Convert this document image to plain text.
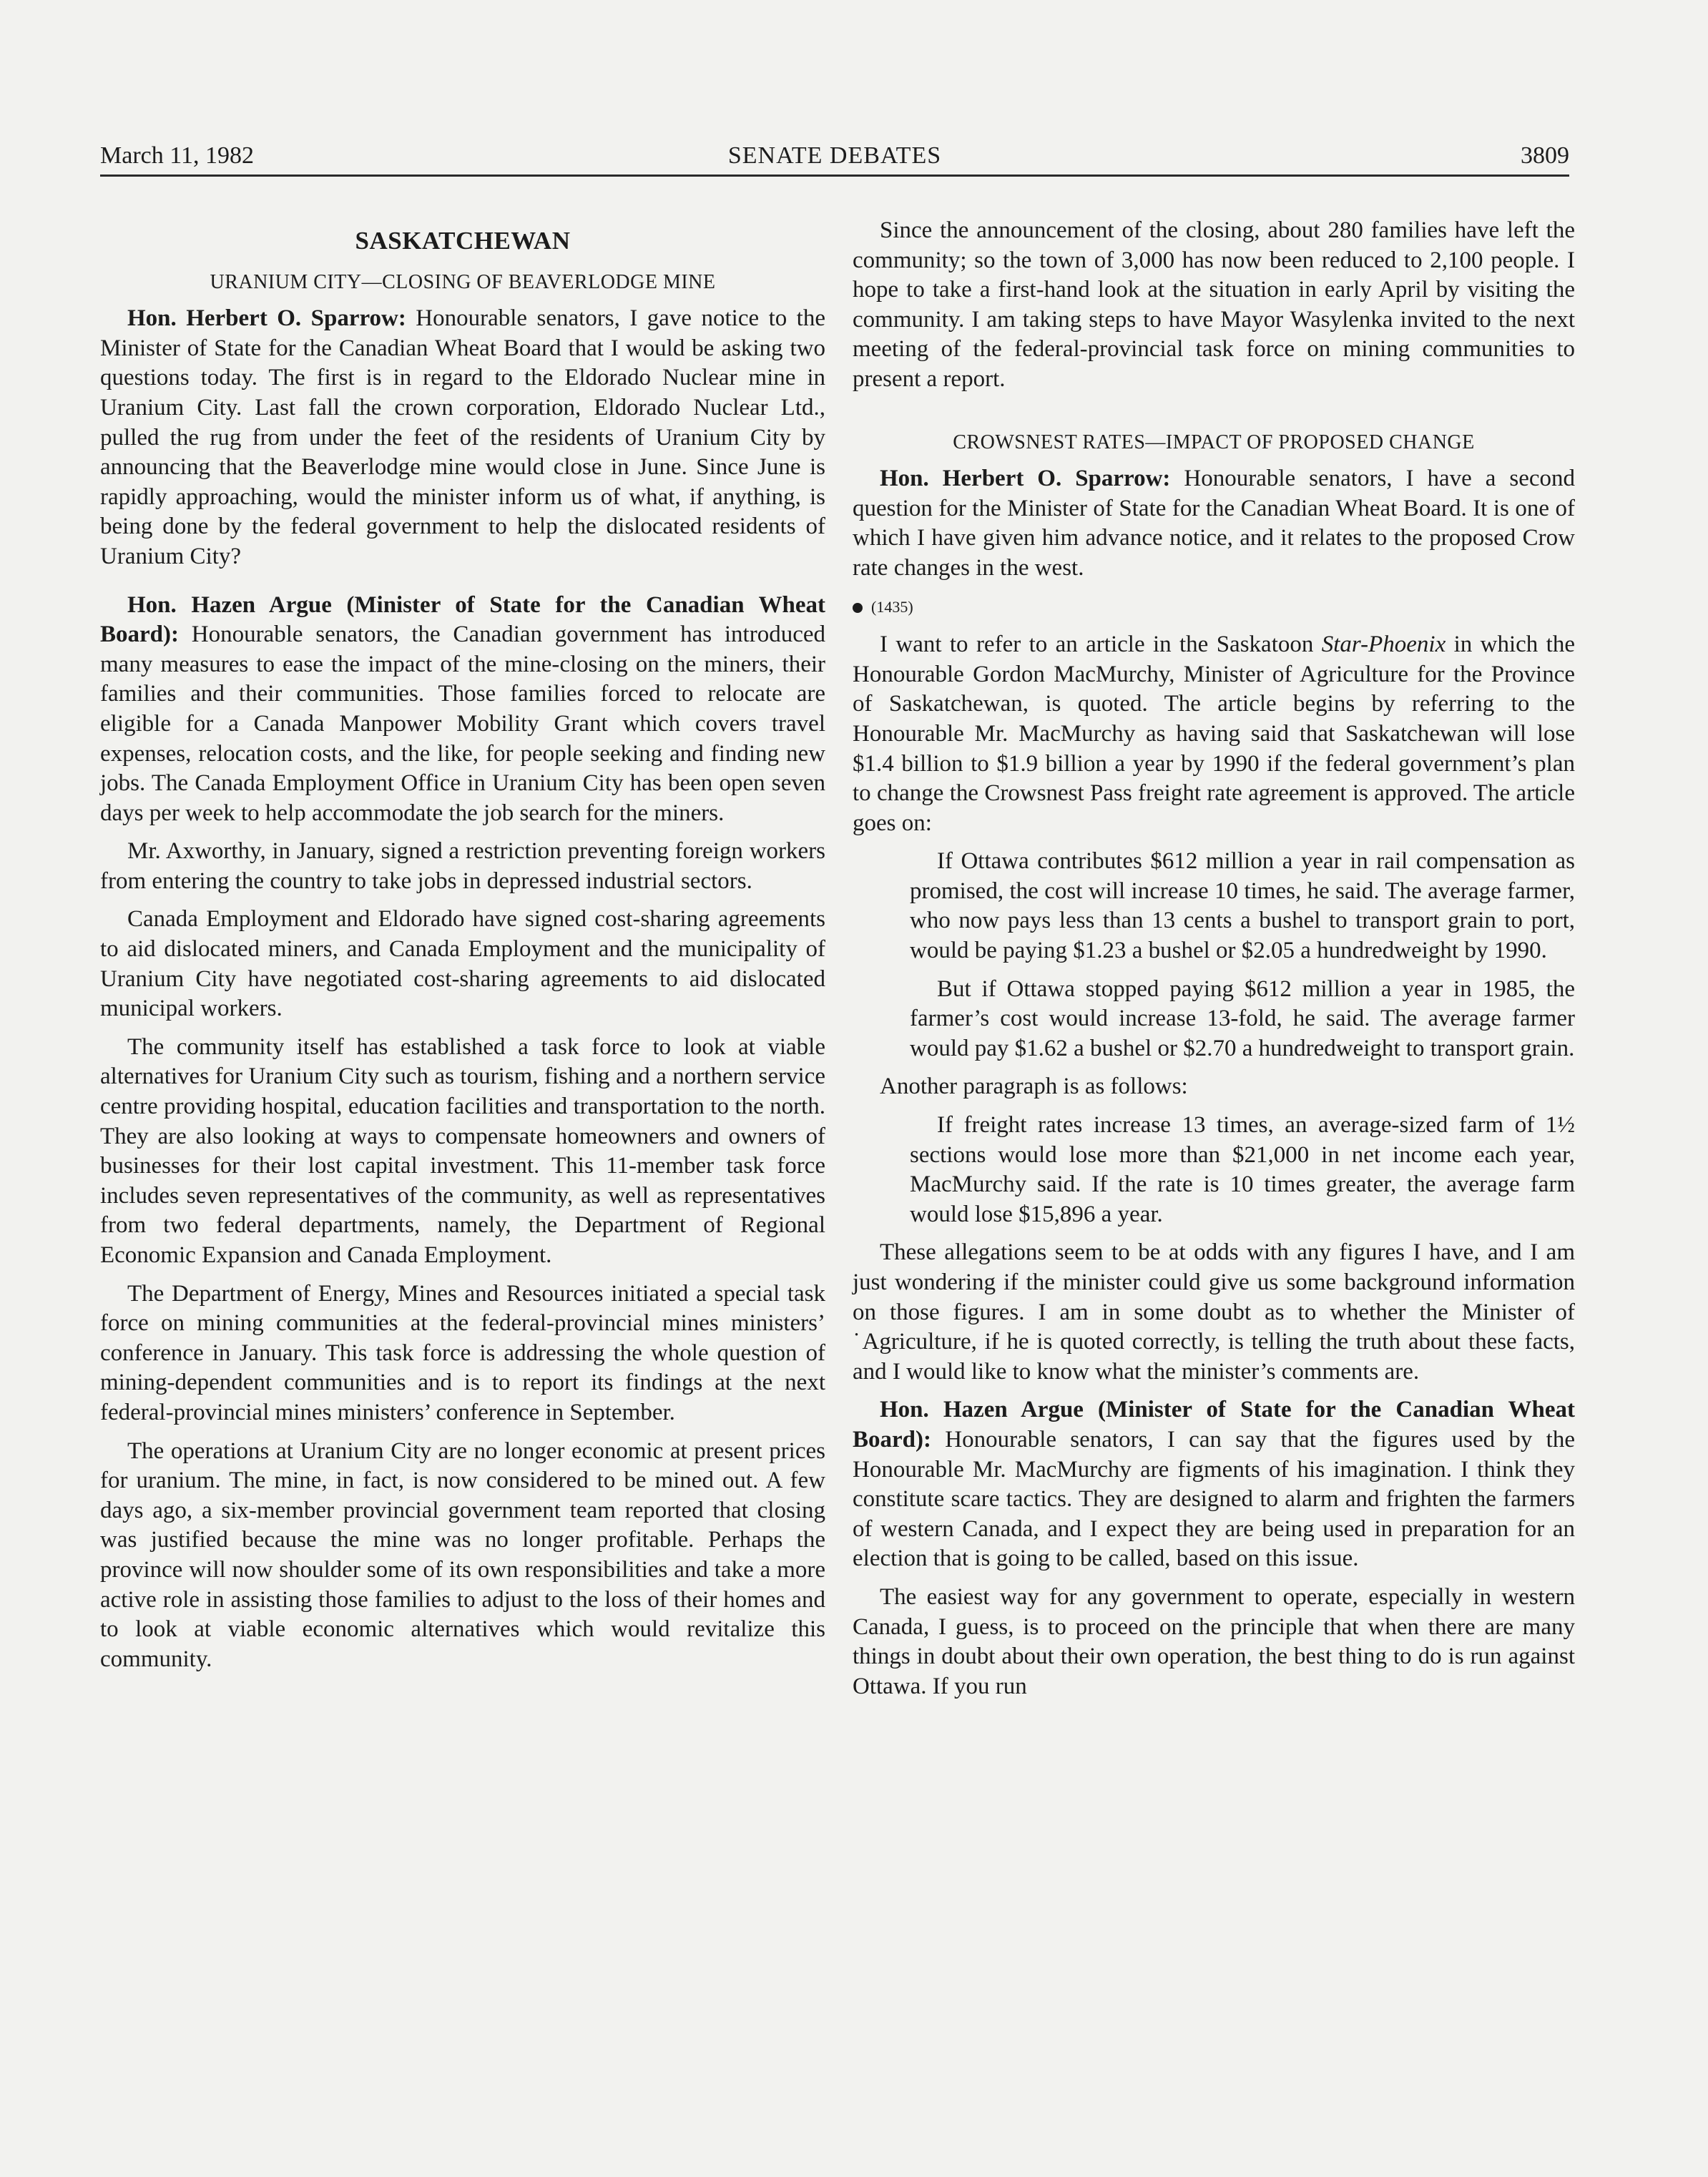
March 11, 1982	SENATE DEBATES	3809
SASKATCHEWAN
URANIUM CITY—CLOSING OF BEAVERLODGE MINE

Hon. Herbert O. Sparrow: Honourable senators, I gave notice to the Minister of State for the Canadian Wheat Board that I would be asking two questions today. The first is in regard to the Eldorado Nuclear mine in Uranium City. Last fall the crown corporation, Eldorado Nuclear Ltd., pulled the rug from under the feet of the residents of Uranium City by announcing that the Beaverlodge mine would close in June. Since June is rapidly approaching, would the minister inform us of what, if anything, is being done by the federal government to help the dislocated residents of Uranium City?

Hon. Hazen Argue (Minister of State for the Canadian Wheat Board): Honourable senators, the Canadian government has introduced many measures to ease the impact of the mine-closing on the miners, their families and their communities. Those families forced to relocate are eligible for a Canada Manpower Mobility Grant which covers travel expenses, relocation costs, and the like, for people seeking and finding new jobs. The Canada Employment Office in Uranium City has been open seven days per week to help accommodate the job search for the miners.

Mr. Axworthy, in January, signed a restriction preventing foreign workers from entering the country to take jobs in depressed industrial sectors.

Canada Employment and Eldorado have signed cost-sharing agreements to aid dislocated miners, and Canada Employment and the municipality of Uranium City have negotiated cost-sharing agreements to aid dislocated municipal workers.

The community itself has established a task force to look at viable alternatives for Uranium City such as tourism, fishing and a northern service centre providing hospital, education facilities and transportation to the north. They are also looking at ways to compensate homeowners and owners of businesses for their lost capital investment. This 11-member task force includes seven representatives of the community, as well as representatives from two federal departments, namely, the Department of Regional Economic Expansion and Canada Employment.

The Department of Energy, Mines and Resources initiated a special task force on mining communities at the federal-provincial mines ministers’ conference in January. This task force is addressing the whole question of mining-dependent communities and is to report its findings at the next federal-provincial mines ministers’ conference in September.

The operations at Uranium City are no longer economic at present prices for uranium. The mine, in fact, is now considered to be mined out. A few days ago, a six-member provincial government team reported that closing was justified because the mine was no longer profitable. Perhaps the province will now shoulder some of its own responsibilities and take a more active role in assisting those families to adjust to the loss of their homes and to look at viable economic alternatives which would revitalize this community.

Since the announcement of the closing, about 280 families have left the community; so the town of 3,000 has now been reduced to 2,100 people. I hope to take a first-hand look at the situation in early April by visiting the community. I am taking steps to have Mayor Wasylenka invited to the next meeting of the federal-provincial task force on mining communities to present a report.

CROWSNEST RATES—IMPACT OF PROPOSED CHANGE

Hon. Herbert O. Sparrow: Honourable senators, I have a second question for the Minister of State for the Canadian Wheat Board. It is one of which I have given him advance notice, and it relates to the proposed Crow rate changes in the west.

(1435)

I want to refer to an article in the Saskatoon Star-Phoenix in which the Honourable Gordon MacMurchy, Minister of Agriculture for the Province of Saskatchewan, is quoted. The article begins by referring to the Honourable Mr. MacMurchy as having said that Saskatchewan will lose $1.4 billion to $1.9 billion a year by 1990 if the federal government’s plan to change the Crowsnest Pass freight rate agreement is approved. The article goes on:

If Ottawa contributes $612 million a year in rail compensation as promised, the cost will increase 10 times, he said. The average farmer, who now pays less than 13 cents a bushel to transport grain to port, would be paying $1.23 a bushel or $2.05 a hundredweight by 1990.

But if Ottawa stopped paying $612 million a year in 1985, the farmer’s cost would increase 13-fold, he said. The average farmer would pay $1.62 a bushel or $2.70 a hundredweight to transport grain.

Another paragraph is as follows:

If freight rates increase 13 times, an average-sized farm of 1½ sections would lose more than $21,000 in net income each year, MacMurchy said. If the rate is 10 times greater, the average farm would lose $15,896 a year.

These allegations seem to be at odds with any figures I have, and I am just wondering if the minister could give us some background information on those figures. I am in some doubt as to whether the Minister of ˙Agriculture, if he is quoted correctly, is telling the truth about these facts, and I would like to know what the minister’s comments are.

Hon. Hazen Argue (Minister of State for the Canadian Wheat Board): Honourable senators, I can say that the figures used by the Honourable Mr. MacMurchy are figments of his imagination. I think they constitute scare tactics. They are designed to alarm and frighten the farmers of western Canada, and I expect they are being used in preparation for an election that is going to be called, based on this issue.

The easiest way for any government to operate, especially in western Canada, I guess, is to proceed on the principle that when there are many things in doubt about their own operation, the best thing to do is run against Ottawa. If you run
